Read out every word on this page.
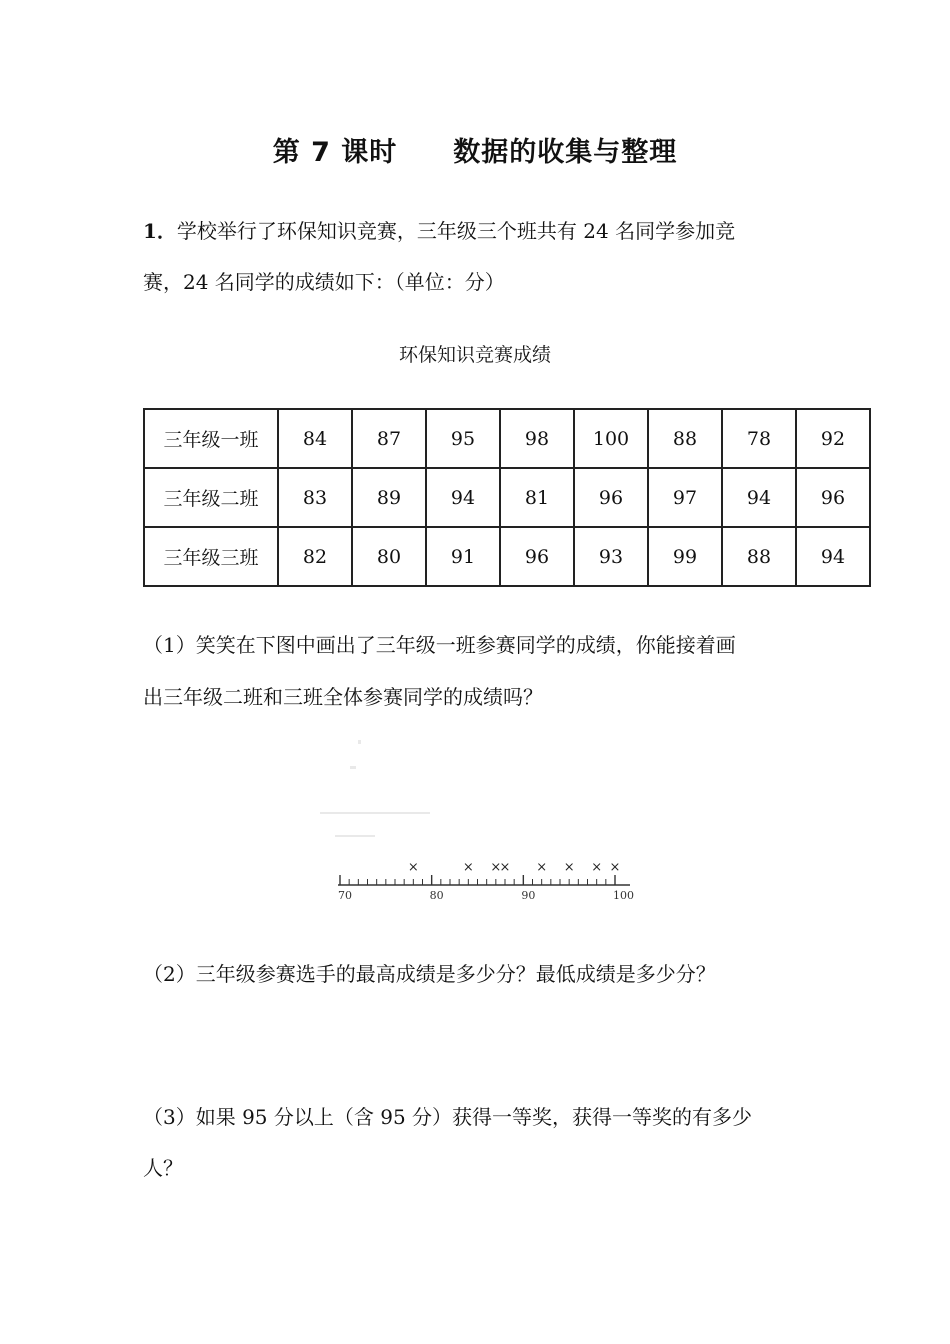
第 7 课时 数据的收集与整理
1．学校举行了环保知识竞赛，三年级三个班共有 24 名同学参加竞
赛，24 名同学的成绩如下：（单位：分）
环保知识竞赛成绩
三年级一班	84	87	95	98	100	88	78	92
三年级二班	83	89	94	81	96	97	94	96
三年级三班	82	80	91	96	93	99	88	94
（1）笑笑在下图中画出了三年级一班参赛同学的成绩，你能接着画
出三年级二班和三班全体参赛同学的成绩吗？
70	80	90	100
×	× ×
× × × × ×
（2）三年级参赛选手的最高成绩是多少分？最低成绩是多少分？
（3）如果 95 分以上（含 95 分）获得一等奖，获得一等奖的有多少
人？
